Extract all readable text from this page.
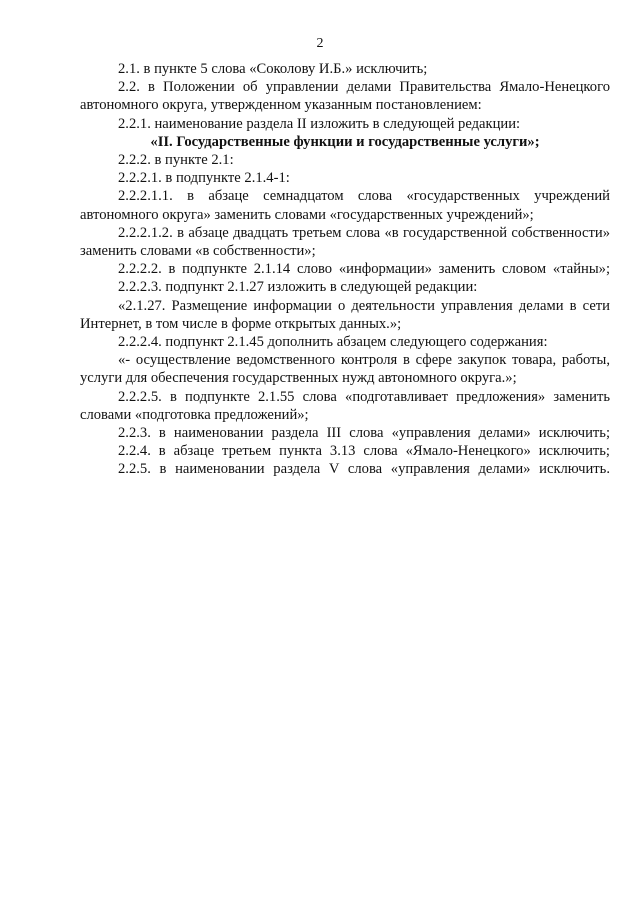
2

2.1. в пункте 5 слова «Соколову И.Б.» исключить;

2.2. в Положении об управлении делами Правительства Ямало-Ненецкого автономного округа, утвержденном указанным постановлением:

2.2.1. наименование раздела II изложить в следующей редакции:

«II. Государственные функции и государственные услуги»;

2.2.2. в пункте 2.1:

2.2.2.1. в подпункте 2.1.4-1:

2.2.2.1.1. в абзаце семнадцатом слова «государственных учреждений автономного округа» заменить словами «государственных учреждений»;

2.2.2.1.2. в абзаце двадцать третьем слова «в государственной собственности» заменить словами «в собственности»;

2.2.2.2. в подпункте 2.1.14 слово «информации» заменить словом «тайны»;

2.2.2.3. подпункт 2.1.27 изложить в следующей редакции:

«2.1.27. Размещение информации о деятельности управления делами в сети Интернет, в том числе в форме открытых данных.»;

2.2.2.4. подпункт 2.1.45 дополнить абзацем следующего содержания:

«- осуществление ведомственного контроля в сфере закупок товара, работы, услуги для обеспечения государственных нужд автономного округа.»;

2.2.2.5. в подпункте 2.1.55 слова «подготавливает предложения» заменить словами «подготовка предложений»;

2.2.3. в наименовании раздела III слова «управления делами» исключить;

2.2.4. в абзаце третьем пункта 3.13 слова «Ямало-Ненецкого» исключить;

2.2.5. в наименовании раздела V слова «управления делами» исключить.
